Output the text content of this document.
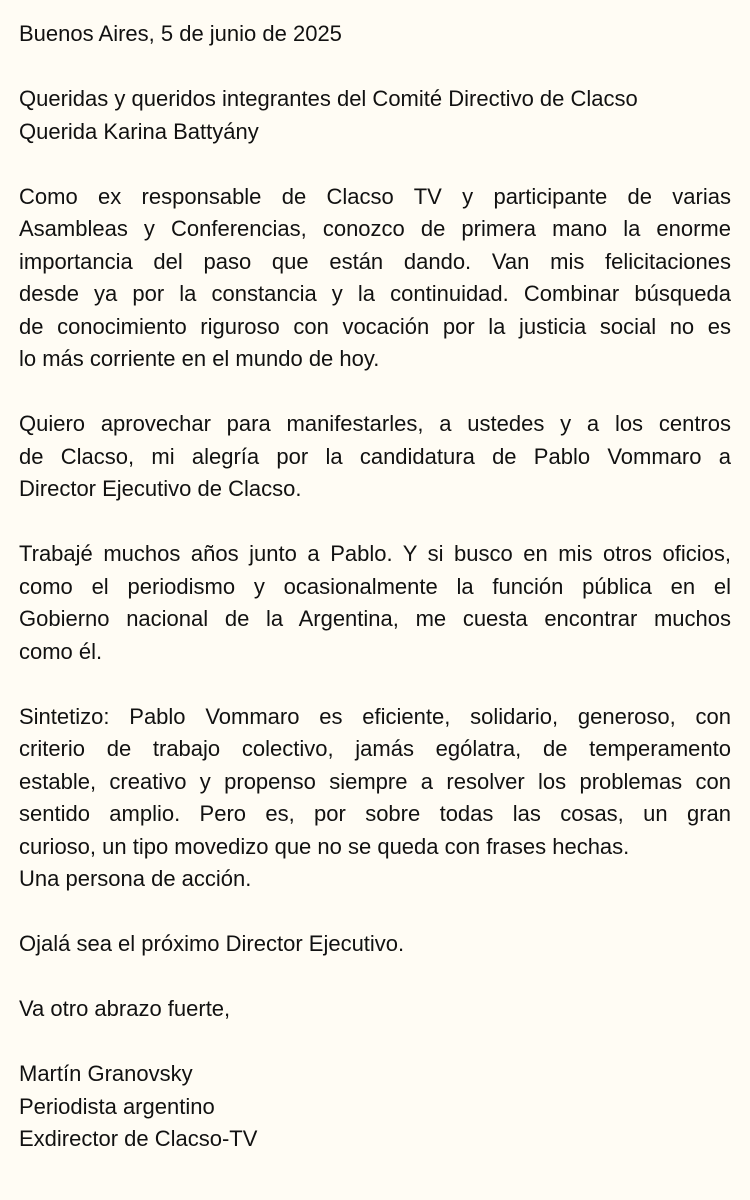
Buenos Aires, 5 de junio de 2025

Queridas y queridos integrantes del Comité Directivo de Clacso

Querida Karina Battyány

Como ex responsable de Clacso TV y participante de varias
Asambleas y Conferencias, conozco de primera mano la enorme
importancia del paso que están dando. Van mis felicitaciones
desde ya por la constancia y la continuidad. Combinar búsqueda
de conocimiento riguroso con vocación por la justicia social no es
lo más corriente en el mundo de hoy.
Quiero aprovechar para manifestarles, a ustedes y a los centros
de Clacso, mi alegría por la candidatura de Pablo Vommaro a
Director Ejecutivo de Clacso.
Trabajé muchos años junto a Pablo. Y si busco en mis otros oficios,
como el periodismo y ocasionalmente la función pública en el
Gobierno nacional de la Argentina, me cuesta encontrar muchos
como él.
Sintetizo: Pablo Vommaro es eficiente, solidario, generoso, con
criterio de trabajo colectivo, jamás ególatra, de temperamento
estable, creativo y propenso siempre a resolver los problemas con
sentido amplio. Pero es, por sobre todas las cosas, un gran
curioso, un tipo movedizo que no se queda con frases hechas.
Una persona de acción.

Ojalá sea el próximo Director Ejecutivo.

Va otro abrazo fuerte,

Martín Granovsky

Periodista argentino

Exdirector de Clacso-TV
